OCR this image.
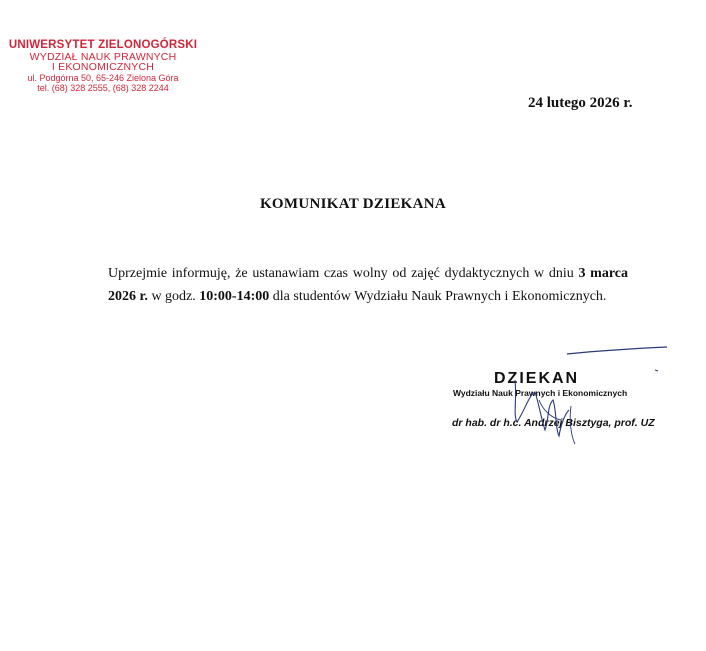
UNIWERSYTET ZIELONOGÓRSKI
WYDZIAŁ NAUK PRAWNYCH
I EKONOMICZNYCH
ul. Podgórna 50, 65-246 Zielona Góra
tel. (68) 328 2555, (68) 328 2244
24 lutego 2026 r.
KOMUNIKAT DZIEKANA
Uprzejmie informuję, że ustanawiam czas wolny od zajęć dydaktycznych w dniu 3 marca 2026 r. w godz. 10:00-14:00 dla studentów Wydziału Nauk Prawnych i Ekonomicznych.
DZIEKAN
Wydziału Nauk Prawnych i Ekonomicznych
dr hab. dr h.c. Andrzej Bisztyga, prof. UZ
